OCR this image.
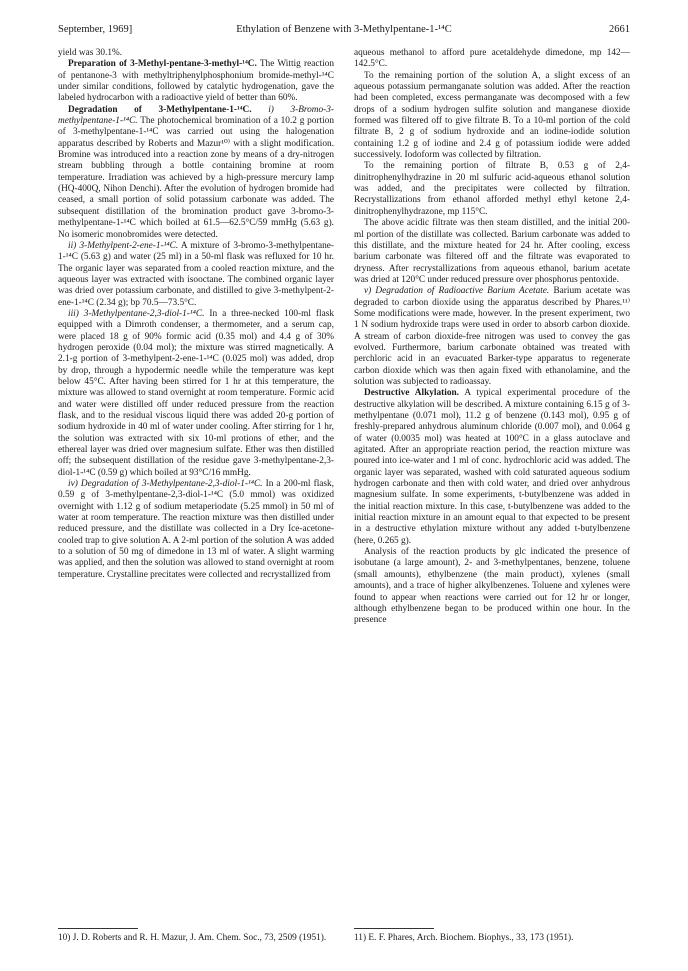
September, 1969]	Ethylation of Benzene with 3-Methylpentane-1-¹⁴C	2661

yield was 30.1%.

Preparation of 3-Methyl-pentane-3-methyl-¹⁴C. The Wittig reaction of pentanone-3 with methyltriphenylphosphonium bromide-methyl-¹⁴C under similar conditions, followed by catalytic hydrogenation, gave the labeled hydrocarbon with a radioactive yield of better than 60%.

Degradation of 3-Methylpentane-1-¹⁴C. i) 3-Bromo-3-methylpentane-1-¹⁴C. The photochemical bromination of a 10.2 g portion of 3-methylpentane-1-¹⁴C was carried out using the halogenation apparatus described by Roberts and Mazur¹⁰⁾ with a slight modification. Bromine was introduced into a reaction zone by means of a dry-nitrogen stream bubbling through a bottle containing bromine at room temperature. Irradiation was achieved by a high-pressure mercury lamp (HQ-400Q, Nihon Denchi). After the evolution of hydrogen bromide had ceased, a small portion of solid potassium carbonate was added. The subsequent distillation of the bromination product gave 3-bromo-3-methylpentane-1-¹⁴C which boiled at 61.5—62.5°C/59 mmHg (5.63 g). No isomeric monobromides were detected.

ii) 3-Methylpent-2-ene-1-¹⁴C. A mixture of 3-bromo-3-methylpentane-1-¹⁴C (5.63 g) and water (25 ml) in a 50-ml flask was refluxed for 10 hr. The organic layer was separated from a cooled reaction mixture, and the aqueous layer was extracted with isooctane. The combined organic layer was dried over potassium carbonate, and distilled to give 3-methylpent-2-ene-1-¹⁴C (2.34 g); bp 70.5—73.5°C.

iii) 3-Methylpentane-2,3-diol-1-¹⁴C. In a three-necked 100-ml flask equipped with a Dimroth condenser, a thermometer, and a serum cap, were placed 18 g of 90% formic acid (0.35 mol) and 4.4 g of 30% hydrogen peroxide (0.04 mol); the mixture was stirred magnetically. A 2.1-g portion of 3-methylpent-2-ene-1-¹⁴C (0.025 mol) was added, drop by drop, through a hypodermic needle while the temperature was kept below 45°C. After having been stirred for 1 hr at this temperature, the mixture was allowed to stand overnight at room temperature. Formic acid and water were distilled off under reduced pressure from the reaction flask, and to the residual viscous liquid there was added 20-g portion of sodium hydroxide in 40 ml of water under cooling. After stirring for 1 hr, the solution was extracted with six 10-ml protions of ether, and the ethereal layer was dried over magnesium sulfate. Ether was then distilled off; the subsequent distillation of the residue gave 3-methylpentane-2,3-diol-1-¹⁴C (0.59 g) which boiled at 93°C/16 mmHg.

iv) Degradation of 3-Methylpentane-2,3-diol-1-¹⁴C. In a 200-ml flask, 0.59 g of 3-methylpentane-2,3-diol-1-¹⁴C (5.0 mmol) was oxidized overnight with 1.12 g of sodium metaperiodate (5.25 mmol) in 50 ml of water at room temperature. The reaction mixture was then distilled under reduced pressure, and the distillate was collected in a Dry Ice-acetone-cooled trap to give solution A. A 2-ml portion of the solution A was added to a solution of 50 mg of dimedone in 13 ml of water. A slight warming was applied, and then the solution was allowed to stand overnight at room temperature. Crystalline precitates were collected and recrystallized from

aqueous methanol to afford pure acetaldehyde dimedone, mp 142—142.5°C.

To the remaining portion of the solution A, a slight excess of an aqueous potassium permanganate solution was added. After the reaction had been completed, excess permanganate was decomposed with a few drops of a sodium hydrogen sulfite solution and manganese dioxide formed was filtered off to give filtrate B. To a 10-ml portion of the cold filtrate B, 2 g of sodium hydroxide and an iodine-iodide solution containing 1.2 g of iodine and 2.4 g of potassium iodide were added successively. Iodoform was collected by filtration.

To the remaining portion of filtrate B, 0.53 g of 2,4-dinitrophenylhydrazine in 20 ml sulfuric acid-aqueous ethanol solution was added, and the precipitates were collected by filtration. Recrystallizations from ethanol afforded methyl ethyl ketone 2,4-dinitrophenylhydrazone, mp 115°C.

The above acidic filtrate was then steam distilled, and the initial 200-ml portion of the distillate was collected. Barium carbonate was added to this distillate, and the mixture heated for 24 hr. After cooling, excess barium carbonate was filtered off and the filtrate was evaporated to dryness. After recrystallizations from aqueous ethanol, barium acetate was dried at 120°C under reduced pressure over phosphorus pentoxide.

v) Degradation of Radioactive Barium Acetate. Barium acetate was degraded to carbon dioxide using the apparatus described by Phares.¹¹⁾ Some modifications were made, however. In the present experiment, two 1 N sodium hydroxide traps were used in order to absorb carbon dioxide. A stream of carbon dioxide-free nitrogen was used to convey the gas evolved. Furthermore, barium carbonate obtained was treated with perchloric acid in an evacuated Barker-type apparatus to regenerate carbon dioxide which was then again fixed with ethanolamine, and the solution was subjected to radioassay.

Destructive Alkylation. A typical experimental procedure of the destructive alkylation will be described. A mixture containing 6.15 g of 3-methylpentane (0.071 mol), 11.2 g of benzene (0.143 mol), 0.95 g of freshly-prepared anhydrous aluminum chloride (0.007 mol), and 0.064 g of water (0.0035 mol) was heated at 100°C in a glass autoclave and agitated. After an appropriate reaction period, the reaction mixture was poured into ice-water and 1 ml of conc. hydrochloric acid was added. The organic layer was separated, washed with cold saturated aqueous sodium hydrogen carbonate and then with cold water, and dried over anhydrous magnesium sulfate. In some experiments, t-butylbenzene was added in the initial reaction mixture. In this case, t-butylbenzene was added to the initial reaction mixture in an amount equal to that expected to be present in a destructive ethylation mixture without any added t-butylbenzene (here, 0.265 g).

Analysis of the reaction products by glc indicated the presence of isobutane (a large amount), 2- and 3-methylpentanes, benzene, toluene (small amounts), ethylbenzene (the main product), xylenes (small amounts), and a trace of higher alkylbenzenes. Toluene and xylenes were found to appear when reactions were carried out for 12 hr or longer, although ethylbenzene began to be produced within one hour. In the presence

10) J. D. Roberts and R. H. Mazur, J. Am. Chem. Soc., 73, 2509 (1951).	11) E. F. Phares, Arch. Biochem. Biophys., 33, 173 (1951).
